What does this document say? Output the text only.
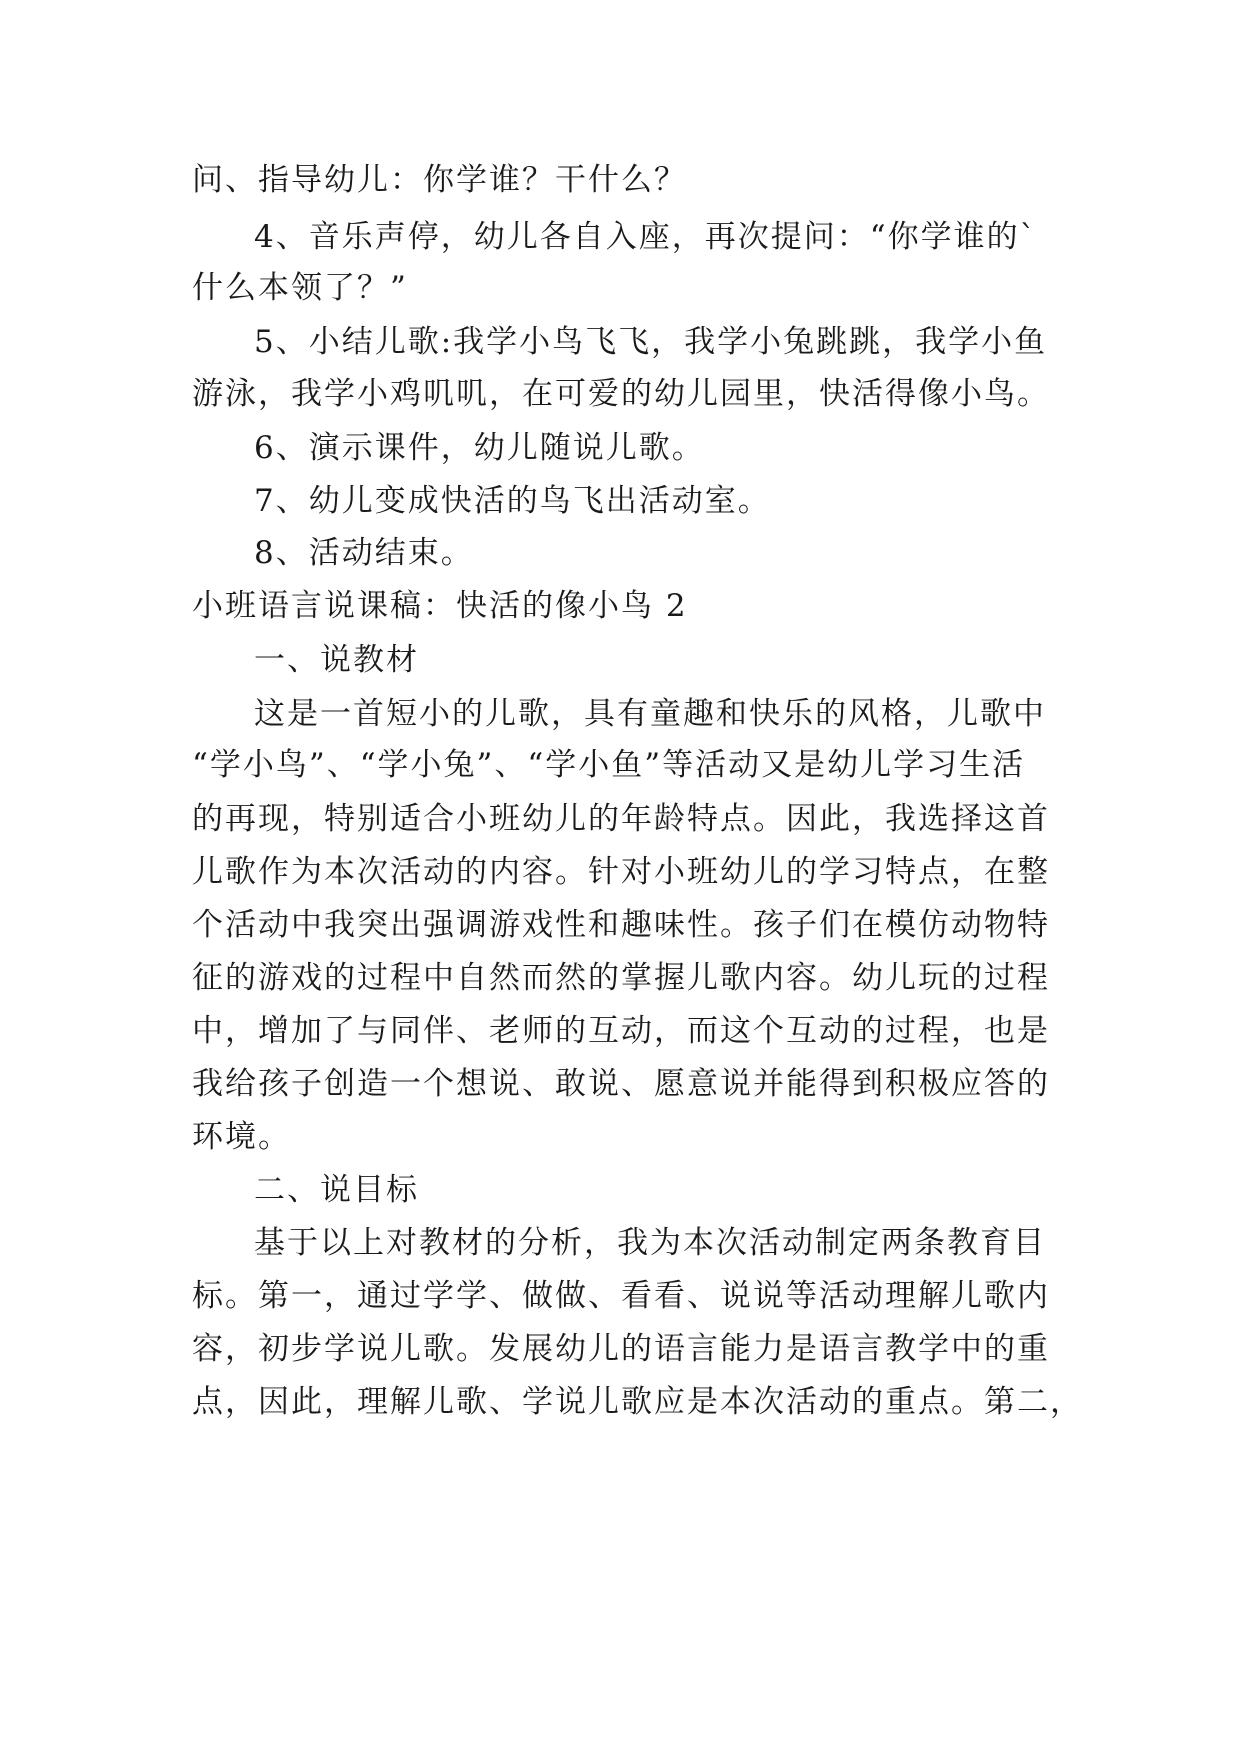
问、指导幼儿：你学谁？干什么？
4、音乐声停，幼儿各自入座，再次提问：“你学谁的`
什么本领了？”
5、小结儿歌:我学小鸟飞飞，我学小兔跳跳，我学小鱼
游泳，我学小鸡叽叽，在可爱的幼儿园里，快活得像小鸟。
6、演示课件，幼儿随说儿歌。
7、幼儿变成快活的鸟飞出活动室。
8、活动结束。
小班语言说课稿：快活的像小鸟 2
一、说教材
这是一首短小的儿歌，具有童趣和快乐的风格，儿歌中
“学小鸟”、“学小兔”、“学小鱼”等活动又是幼儿学习生活
的再现，特别适合小班幼儿的年龄特点。因此，我选择这首
儿歌作为本次活动的内容。针对小班幼儿的学习特点，在整
个活动中我突出强调游戏性和趣味性。孩子们在模仿动物特
征的游戏的过程中自然而然的掌握儿歌内容。幼儿玩的过程
中，增加了与同伴、老师的互动，而这个互动的过程，也是
我给孩子创造一个想说、敢说、愿意说并能得到积极应答的
环境。
二、说目标
基于以上对教材的分析，我为本次活动制定两条教育目
标。第一，通过学学、做做、看看、说说等活动理解儿歌内
容，初步学说儿歌。发展幼儿的语言能力是语言教学中的重
点，因此，理解儿歌、学说儿歌应是本次活动的重点。第二，
